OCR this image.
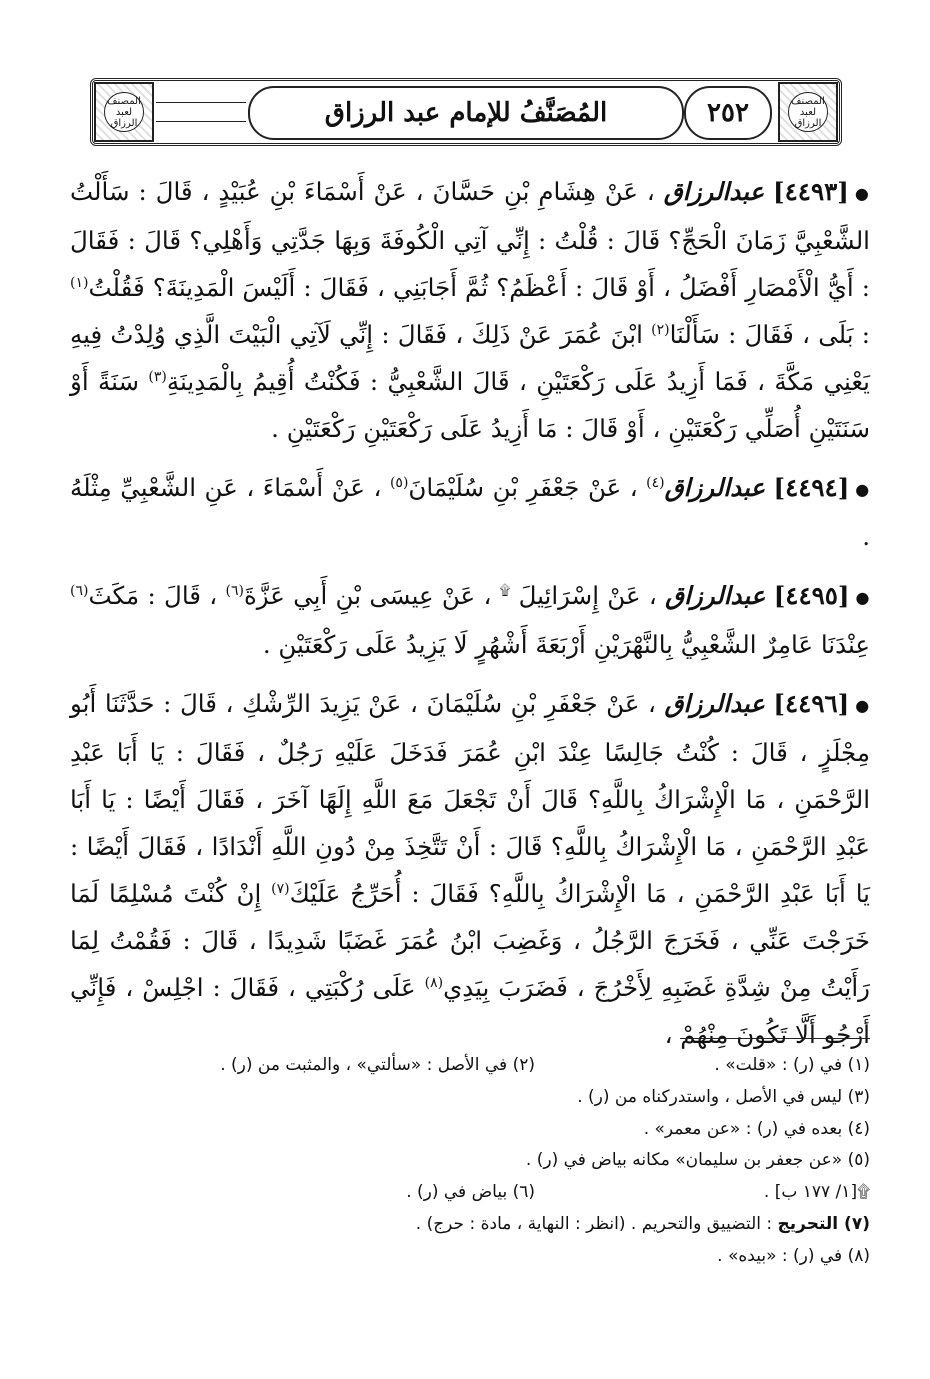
المصنف لعبد الرزاق	المُصَنَّفُ للإمام عبد الرزاق	٢٥٢	المصنف لعبد الرزاق

●[٤٤٩٣] عبدالرزاق ، عَنْ هِشَامِ بْنِ حَسَّانَ ، عَنْ أَسْمَاءَ بْنِ عُبَيْدٍ ، قَالَ : سَأَلْتُ الشَّعْبِيَّ زَمَانَ الْحَجِّ؟ قَالَ : قُلْتُ : إِنِّي آتِي الْكُوفَةَ وَبِهَا جَدَّتِي وَأَهْلِي؟ قَالَ : فَقَالَ : أَيُّ الْأَمْصَارِ أَفْضَلُ ، أَوْ قَالَ : أَعْظَمُ؟ ثُمَّ أَجَابَنِي ، فَقَالَ : أَلَيْسَ الْمَدِينَةَ؟ فَقُلْتُ$^{(١)}$ : بَلَى ، فَقَالَ : سَأَلْنَا$^{(٢)}$ ابْنَ عُمَرَ عَنْ ذَلِكَ ، فَقَالَ : إِنِّي لَآتِي الْبَيْتَ الَّذِي وُلِدْتُ فِيهِ يَعْنِي مَكَّةَ ، فَمَا أَزِيدُ عَلَى رَكْعَتَيْنِ ، قَالَ الشَّعْبِيُّ : فَكُنْتُ أُقِيمُ بِالْمَدِينَةِ$^{(٣)}$ سَنَةً أَوْ سَنَتَيْنِ أُصَلِّي رَكْعَتَيْنِ ، أَوْ قَالَ : مَا أَزِيدُ عَلَى رَكْعَتَيْنِ رَكْعَتَيْنِ .

●[٤٤٩٤] عبدالرزاق$^{(٤)}$ ، عَنْ جَعْفَرِ بْنِ سُلَيْمَانَ$^{(٥)}$ ، عَنْ أَسْمَاءَ ، عَنِ الشَّعْبِيِّ مِثْلَهُ .

●[٤٤٩٥] عبدالرزاق ، عَنْ إِسْرَائِيلَ ۩ ، عَنْ عِيسَى بْنِ أَبِي عَزَّةَ$^{(٦)}$ ، قَالَ : مَكَثَ$^{(٦)}$ عِنْدَنَا عَامِرٌ الشَّعْبِيُّ بِالنَّهْرَيْنِ أَرْبَعَةَ أَشْهُرٍ لَا يَزِيدُ عَلَى رَكْعَتَيْنِ .

●[٤٤٩٦] عبدالرزاق ، عَنْ جَعْفَرِ بْنِ سُلَيْمَانَ ، عَنْ يَزِيدَ الرِّشْكِ ، قَالَ : حَدَّثَنَا أَبُو مِجْلَزٍ ، قَالَ : كُنْتُ جَالِسًا عِنْدَ ابْنِ عُمَرَ فَدَخَلَ عَلَيْهِ رَجُلٌ ، فَقَالَ : يَا أَبَا عَبْدِ الرَّحْمَنِ ، مَا الْإِشْرَاكُ بِاللَّهِ؟ قَالَ أَنْ تَجْعَلَ مَعَ اللَّهِ إِلَهًا آخَرَ ، فَقَالَ أَيْضًا : يَا أَبَا عَبْدِ الرَّحْمَنِ ، مَا الْإِشْرَاكُ بِاللَّهِ؟ قَالَ : أَنْ تَتَّخِذَ مِنْ دُونِ اللَّهِ أَنْدَادًا ، فَقَالَ أَيْضًا : يَا أَبَا عَبْدِ الرَّحْمَنِ ، مَا الْإِشْرَاكُ بِاللَّهِ؟ فَقَالَ : أُحَرِّجُ عَلَيْكَ$^{(٧)}$ إِنْ كُنْتَ مُسْلِمًا لَمَا خَرَجْتَ عَنِّي ، فَخَرَجَ الرَّجُلُ ، وَغَضِبَ ابْنُ عُمَرَ غَضَبًا شَدِيدًا ، قَالَ : فَقُمْتُ لِمَا رَأَيْتُ مِنْ شِدَّةِ غَضَبِهِ لِأَخْرُجَ ، فَضَرَبَ بِيَدِي$^{(٨)}$ عَلَى رُكْبَتِي ، فَقَالَ : اجْلِسْ ، فَإِنِّي أَرْجُو أَلَّا تَكُونَ مِنْهُمْ ،

(١) في (ر) : «قلت» .
(٢) في الأصل : «سألتي» ، والمثبت من (ر) .
(٣) ليس في الأصل ، واستدركناه من (ر) .
(٤) بعده في (ر) : «عن معمر» .
(٥) «عن جعفر بن سليمان» مكانه بياض في (ر) .
۩[١/ ١٧٧ ب] .
(٦) بياض في (ر) .
(٧) التحريج

: التضييق والتحريم . (انظر : النهاية ، مادة : حرج) .
(٨) في (ر) : «بيده» .
